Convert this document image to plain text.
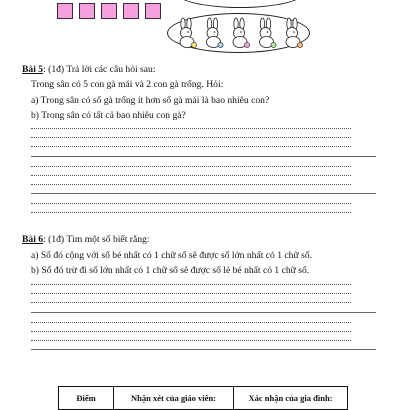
Bài 5: (1đ) Trả lời các câu hỏi sau:
Trong sân có 5 con gà mái và 2 con gà trống. Hỏi:
a) Trong sân có số gà trống ít hơn số gà mái là bao nhiêu con?
b) Trong sân có tất cả bao nhiêu con gà?
Bài 6: (1đ) Tìm một số biết rằng:
a) Số đó cộng với số bé nhất có 1 chữ số sẽ được số lớn nhất có 1 chữ số.
b) Số đó trừ đi số lớn nhất có 1 chữ số sẽ được số lẻ bé nhất có 1 chữ số.
Điểm	Nhận xét của giáo viên:	Xác nhận của gia đình:
